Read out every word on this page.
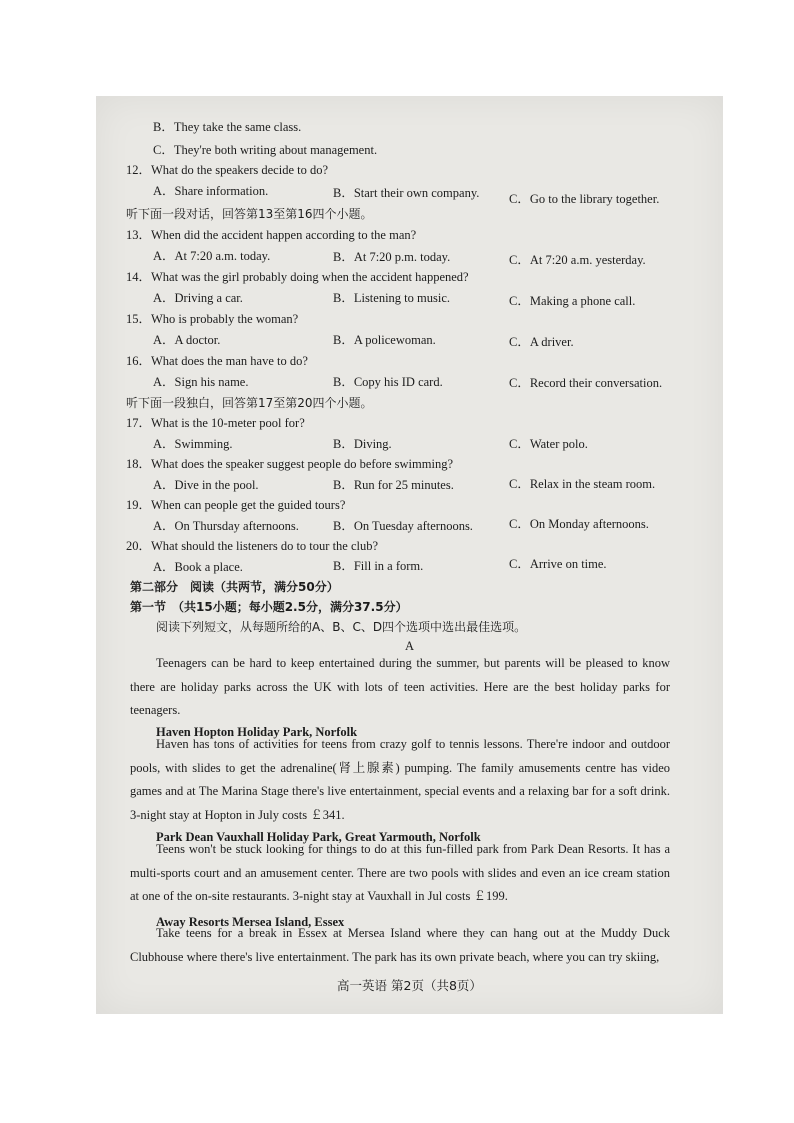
B．They take the same class.
C．They're both writing about management.
12．What do the speakers decide to do?
A．Share information.	B．Start their own company. C．Go to the library together.
听下面一段对话，回答第13至第16四个小题。
13．When did the accident happen according to the man?
A．At 7:20 a.m. today.	B．At 7:20 p.m. today.	C．At 7:20 a.m. yesterday.
14．What was the girl probably doing when the accident happened?
A．Driving a car.	B．Listening to music.	C．Making a phone call.
15．Who is probably the woman?
A．A doctor.	B．A policewoman.	C．A driver.
16．What does the man have to do?
A．Sign his name.	B．Copy his ID card.	C．Record their conversation.
听下面一段独白，回答第17至第20四个小题。
17．What is the 10-meter pool for?
A．Swimming.	B．Diving.	C．Water polo.
18．What does the speaker suggest people do before swimming?
A．Dive in the pool.	B．Run for 25 minutes.	C．Relax in the steam room.
19．When can people get the guided tours?
A．On Thursday afternoons.	B．On Tuesday afternoons.	C．On Monday afternoons.
20．What should the listeners do to tour the club?
A．Book a place.	B．Fill in a form.	C．Arrive on time.
第二部分　阅读（共两节，满分50分）
第一节　（共15小题；每小题2.5分，满分37.5分）
阅读下列短文，从每题所给的A、B、C、D四个选项中选出最佳选项。
A
Teenagers can be hard to keep entertained during the summer, but parents will be pleased to know there are holiday parks across the UK with lots of teen activities. Here are the best holiday parks for teenagers.
Haven Hopton Holiday Park, Norfolk
Haven has tons of activities for teens from crazy golf to tennis lessons. There're indoor and outdoor pools, with slides to get the adrenaline(肾上腺素) pumping. The family amusements centre has video games and at The Marina Stage there's live entertainment, special events and a relaxing bar for a soft drink. 3-night stay at Hopton in July costs ￡341.
Park Dean Vauxhall Holiday Park, Great Yarmouth, Norfolk
Teens won't be stuck looking for things to do at this fun-filled park from Park Dean Resorts. It has a multi-sports court and an amusement center. There are two pools with slides and even an ice cream station at one of the on-site restaurants. 3-night stay at Vauxhall in Jul costs ￡199.
Away Resorts Mersea Island, Essex
Take teens for a break in Essex at Mersea Island where they can hang out at the Muddy Duck Clubhouse where there's live entertainment. The park has its own private beach, where you can try skiing,
高一英语 第2页（共8页）
